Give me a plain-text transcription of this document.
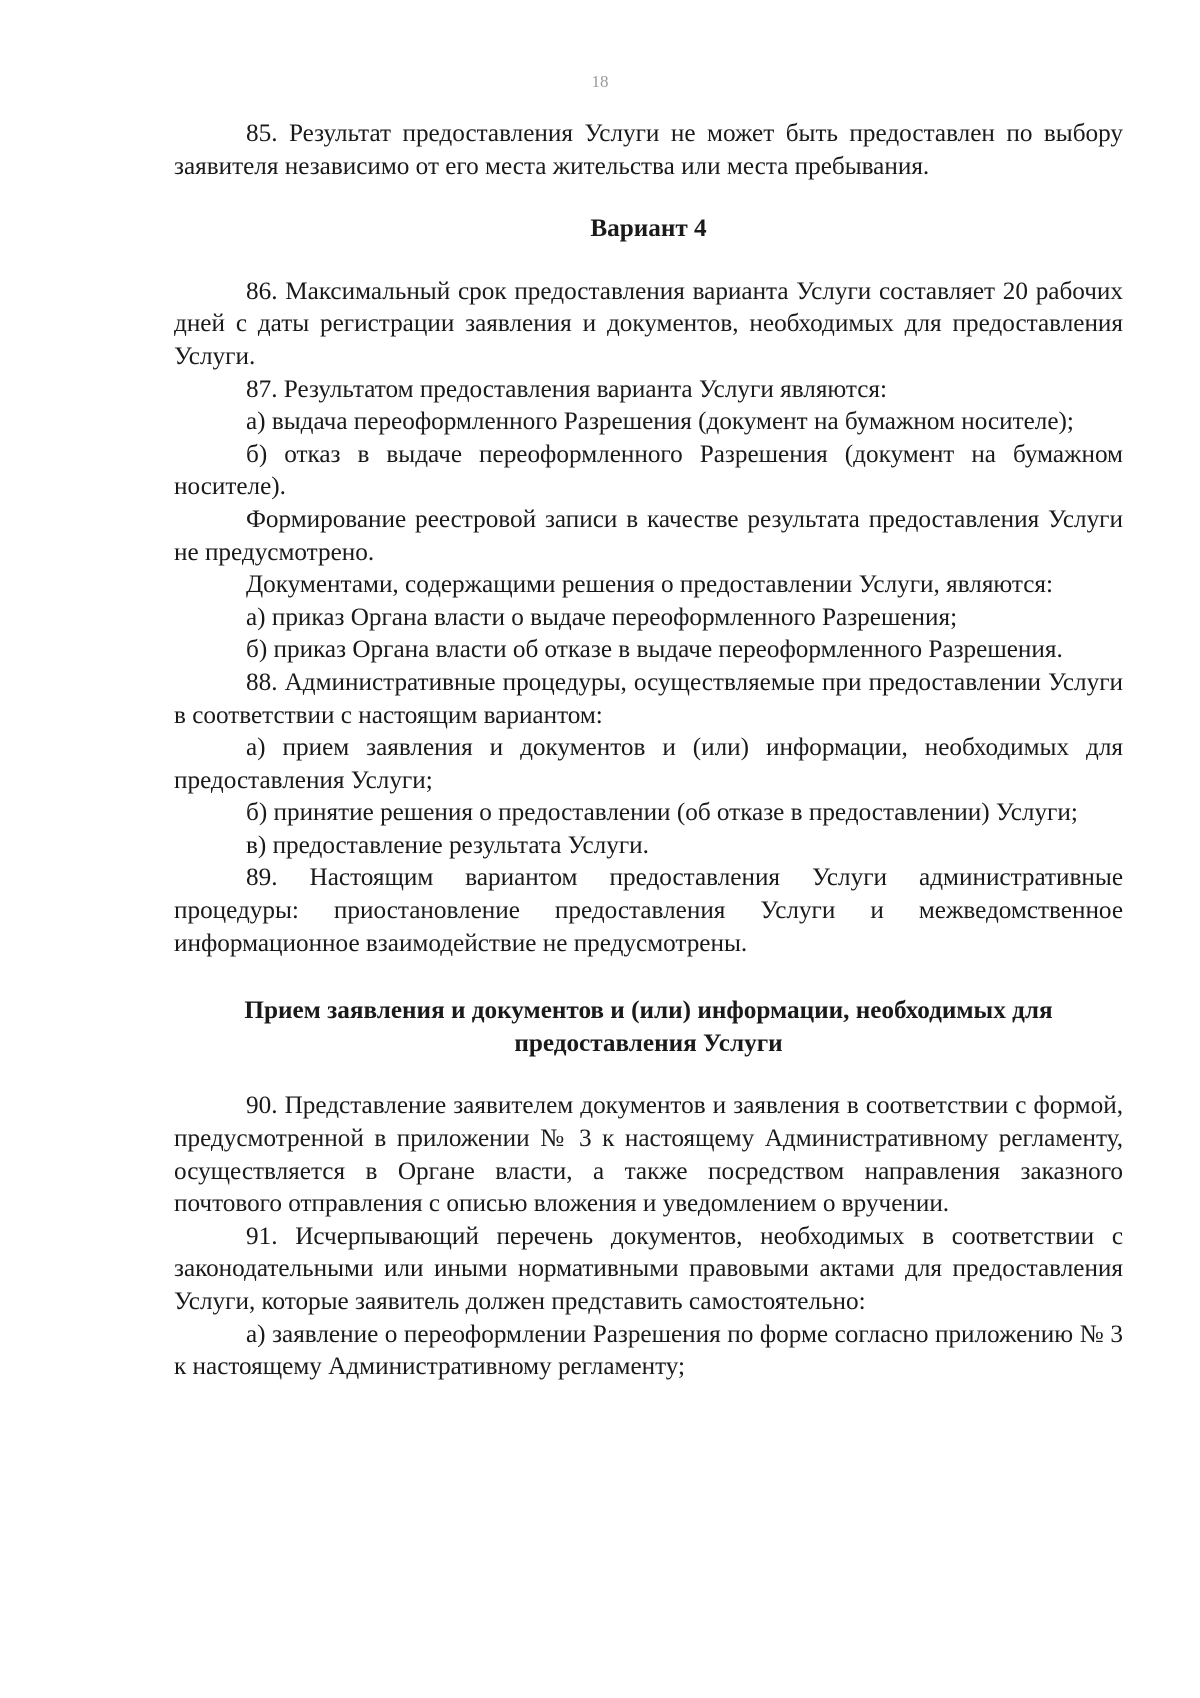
18

85. Результат предоставления Услуги не может быть предоставлен по выбору заявителя независимо от его места жительства или места пребывания.

Вариант 4

86. Максимальный срок предоставления варианта Услуги составляет 20 рабочих дней с даты регистрации заявления и документов, необходимых для предоставления Услуги.

87. Результатом предоставления варианта Услуги являются:

а) выдача переоформленного Разрешения (документ на бумажном носителе);

б) отказ в выдаче переоформленного Разрешения (документ на бумажном носителе).

Формирование реестровой записи в качестве результата предоставления Услуги не предусмотрено.

Документами, содержащими решения о предоставлении Услуги, являются:

а) приказ Органа власти о выдаче переоформленного Разрешения;

б) приказ Органа власти об отказе в выдаче переоформленного Разрешения.

88. Административные процедуры, осуществляемые при предоставлении Услуги в соответствии с настоящим вариантом:

а) прием заявления и документов и (или) информации, необходимых для предоставления Услуги;

б) принятие решения о предоставлении (об отказе в предоставлении) Услуги;

в) предоставление результата Услуги.

89. Настоящим вариантом предоставления Услуги административные процедуры: приостановление предоставления Услуги и межведомственное информационное взаимодействие не предусмотрены.

Прием заявления и документов и (или) информации, необходимых для предоставления Услуги

90. Представление заявителем документов и заявления в соответствии с формой, предусмотренной в приложении № 3 к настоящему Административному регламенту, осуществляется в Органе власти, а также посредством направления заказного почтового отправления с описью вложения и уведомлением о вручении.

91. Исчерпывающий перечень документов, необходимых в соответствии с законодательными или иными нормативными правовыми актами для предоставления Услуги, которые заявитель должен представить самостоятельно:

а) заявление о переоформлении Разрешения по форме согласно приложению № 3 к настоящему Административному регламенту;
